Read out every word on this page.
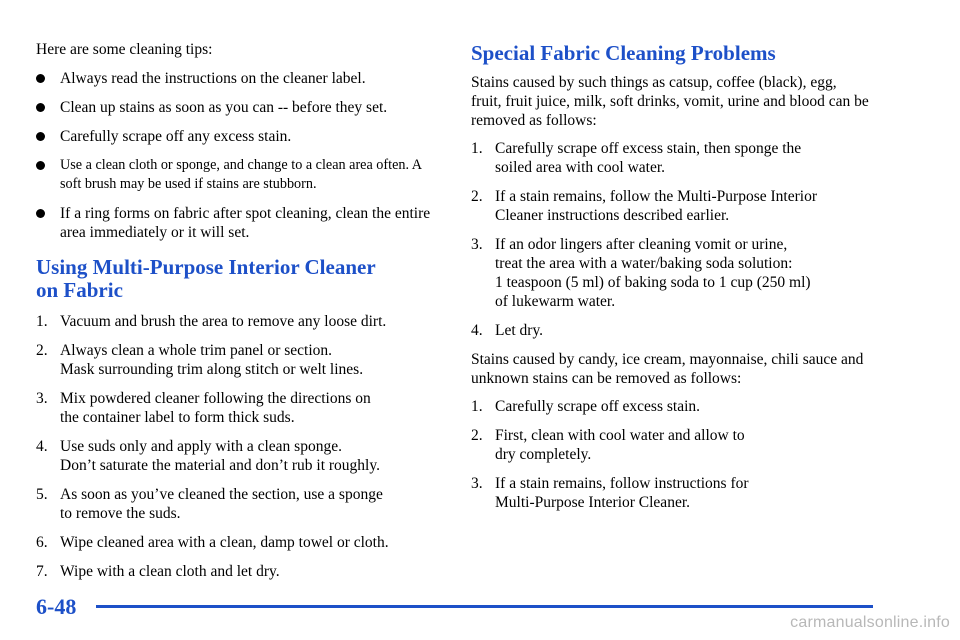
Here are some cleaning tips:

Always read the instructions on the cleaner label.
Clean up stains as soon as you can -- before they set.
Carefully scrape off any excess stain.
Use a clean cloth or sponge, and change to a clean area often. A soft brush may be used if stains are stubborn.
If a ring forms on fabric after spot cleaning, clean the entire area immediately or it will set.
Using Multi-Purpose Interior Cleaner
on Fabric
1. Vacuum and brush the area to remove any loose dirt.
2. Always clean a whole trim panel or section.
Mask surrounding trim along stitch or welt lines.
3. Mix powdered cleaner following the directions on
the container label to form thick suds.
4. Use suds only and apply with a clean sponge.
Don’t saturate the material and don’t rub it roughly.
5. As soon as you’ve cleaned the section, use a sponge
to remove the suds.
6. Wipe cleaned area with a clean, damp towel or cloth.
7. Wipe with a clean cloth and let dry.
Special Fabric Cleaning Problems

Stains caused by such things as catsup, coffee (black), egg, fruit, fruit juice, milk, soft drinks, vomit, urine and blood can be removed as follows:

1. Carefully scrape off excess stain, then sponge the
soiled area with cool water.
2. If a stain remains, follow the Multi-Purpose Interior
Cleaner instructions described earlier.
3. If an odor lingers after cleaning vomit or urine,
treat the area with a water/baking soda solution:
1 teaspoon (5 ml) of baking soda to 1 cup (250 ml)
of lukewarm water.
4. Let dry.

Stains caused by candy, ice cream, mayonnaise, chili sauce and unknown stains can be removed as follows:

1. Carefully scrape off excess stain.
2. First, clean with cool water and allow to
dry completely.
3. If a stain remains, follow instructions for
Multi-Purpose Interior Cleaner.
6-48
carmanualsonline.info
